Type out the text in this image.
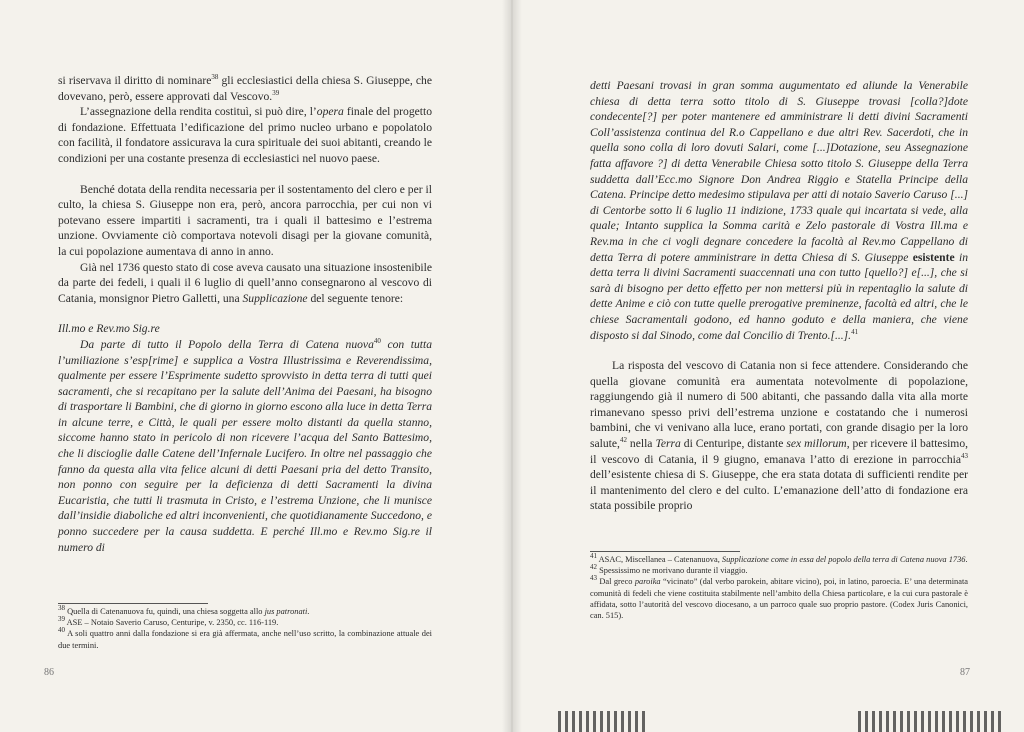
si riservava il diritto di nominare$^{38}$ gli ecclesiastici della chiesa S. Giuseppe, che dovevano, però, essere approvati dal Vescovo.$^{39}$

L’assegnazione della rendita costituì, si può dire, l’opera finale del progetto di fondazione. Effettuata l’edificazione del primo nucleo urbano e popolatolo con facilità, il fondatore assicurava la cura spirituale dei suoi abitanti, creando le condizioni per una costante presenza di ecclesiastici nel nuovo paese.

Benché dotata della rendita necessaria per il sostentamento del clero e per il culto, la chiesa S. Giuseppe non era, però, ancora parrocchia, per cui non vi potevano essere impartiti i sacramenti, tra i quali il battesimo e l’estrema unzione. Ovviamente ciò comportava notevoli disagi per la giovane comunità, la cui popolazione aumentava di anno in anno.

Già nel 1736 questo stato di cose aveva causato una situazione insostenibile da parte dei fedeli, i quali il 6 luglio di quell’anno consegnarono al vescovo di Catania, monsignor Pietro Galletti, una Supplicazione del seguente tenore:

Ill.mo e Rev.mo Sig.re

Da parte di tutto il Popolo della Terra di Catena nuova$^{40}$ con tutta l’umiliazione s’esp[rime] e supplica a Vostra Illustrissima e Reverendissima, qualmente per essere l’Esprimente sudetto sprovvisto in detta terra di tutti quei sacramenti, che si recapitano per la salute dell’Anima dei Paesani, ha bisogno di trasportare li Bambini, che di giorno in giorno escono alla luce in detta Terra in alcune terre, e Città, le quali per essere molto distanti da quella stanno, siccome hanno stato in pericolo di non ricevere l’acqua del Santo Battesimo, che li discioglie dalle Catene dell’Infernale Lucifero. In oltre nel passaggio che fanno da questa alla vita felice alcuni di detti Paesani pria del detto Transito, non ponno con seguire per la deficienza di detti Sacramenti la divina Eucaristia, che tutti li trasmuta in Cristo, e l’estrema Unzione, che li munisce dall’insidie diaboliche ed altri inconvenienti, che quotidianamente Succedono, e ponno succedere per la causa suddetta. E perché Ill.mo e Rev.mo Sig.re il numero di

$^{38}$ Quella di Catenanuova fu, quindi, una chiesa soggetta allo jus patronati.
$^{39}$ ASE – Notaio Saverio Caruso, Centuripe, v. 2350, cc. 116-119.
$^{40}$ A soli quattro anni dalla fondazione si era già affermata, anche nell’uso scritto, la combinazione attuale dei due termini.
86

detti Paesani trovasi in gran somma augumentato ed aliunde la Venerabile chiesa di detta terra sotto titolo di S. Giuseppe trovasi [colla?]dote condecente[?] per poter mantenere ed amministrare li detti divini Sacramenti Coll’assistenza continua del R.o Cappellano e due altri Rev. Sacerdoti, che in quella sono colla di loro dovuti Salari, come [...]Dotazione, seu Assegnazione fatta affavore ?] di detta Venerabile Chiesa sotto titolo S. Giuseppe della Terra suddetta dall’Ecc.mo Signore Don Andrea Riggio e Statella Principe della Catena. Principe detto medesimo stipulava per atti di notaio Saverio Caruso [...] di Centorbe sotto li 6 luglio 11 indizione, 1733 quale qui incartata si vede, alla quale; Intanto supplica la Somma carità e Zelo pastorale di Vostra Ill.ma e Rev.ma in che ci vogli degnare concedere la facoltà al Rev.mo Cappellano di detta Terra di potere amministrare in detta Chiesa di S. Giuseppe esistente in detta terra li divini Sacramenti suaccennati una con tutto [quello?] e[...], che si sarà di bisogno per detto effetto per non mettersi più in repentaglio la salute di dette Anime e ciò con tutte quelle prerogative preminenze, facoltà ed altri, che le chiese Sacramentali godono, ed hanno goduto e della maniera, che viene disposto si dal Sinodo, come dal Concilio di Trento.[...].$^{41}$

La risposta del vescovo di Catania non si fece attendere. Considerando che quella giovane comunità era aumentata notevolmente di popolazione, raggiungendo già il numero di 500 abitanti, che passando dalla vita alla morte rimanevano spesso privi dell’estrema unzione e costatando che i numerosi bambini, che vi venivano alla luce, erano portati, con grande disagio per la loro salute,$^{42}$ nella Terra di Centuripe, distante sex millorum, per ricevere il battesimo, il vescovo di Catania, il 9 giugno, emanava l’atto di erezione in parrocchia$^{43}$ dell’esistente chiesa di S. Giuseppe, che era stata dotata di sufficienti rendite per il mantenimento del clero e del culto. L’emanazione dell’atto di fondazione era stata possibile proprio

$^{41}$ ASAC, Miscellanea – Catenanuova, Supplicazione come in essa del popolo della terra di Catena nuova 1736.
$^{42}$ Spessissimo ne morivano durante il viaggio.
$^{43}$ Dal greco paroika “vicinato” (dal verbo parokein, abitare vicino), poi, in latino, paroecia. E’ una determinata comunità di fedeli che viene costituita stabilmente nell’ambito della Chiesa particolare, e la cui cura pastorale è affidata, sotto l’autorità del vescovo diocesano, a un parroco quale suo proprio pastore. (Codex Juris Canonici, can. 515).
87
